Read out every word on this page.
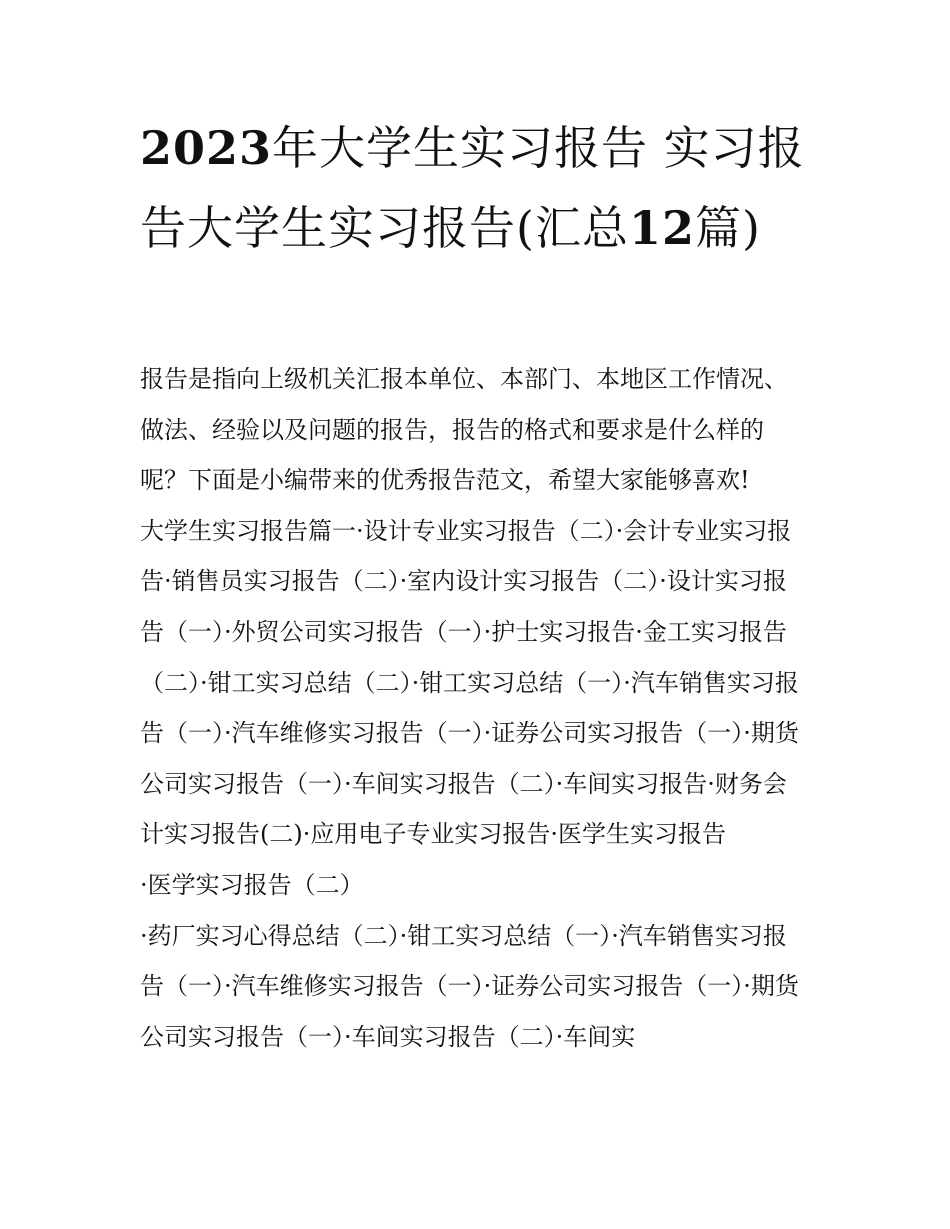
2023年大学生实习报告 实习报告大学生实习报告(汇总12篇)

报告是指向上级机关汇报本单位、本部门、本地区工作情况、做法、经验以及问题的报告，报告的格式和要求是什么样的呢？下面是小编带来的优秀报告范文，希望大家能够喜欢!

大学生实习报告篇一·设计专业实习报告（二）·会计专业实习报告·销售员实习报告（二）·室内设计实习报告（二）·设计实习报告（一）·外贸公司实习报告（一）·护士实习报告·金工实习报告（二）·钳工实习总结（二）·钳工实习总结（一）·汽车销售实习报告（一）·汽车维修实习报告（一）·证券公司实习报告（一）·期货公司实习报告（一）·车间实习报告（二）·车间实习报告·财务会计实习报告(二)·应用电子专业实习报告·医学生实习报告

·医学实习报告（二）

·药厂实习心得总结（二）·钳工实习总结（一）·汽车销售实习报告（一）·汽车维修实习报告（一）·证券公司实习报告（一）·期货公司实习报告（一）·车间实习报告（二）·车间实
